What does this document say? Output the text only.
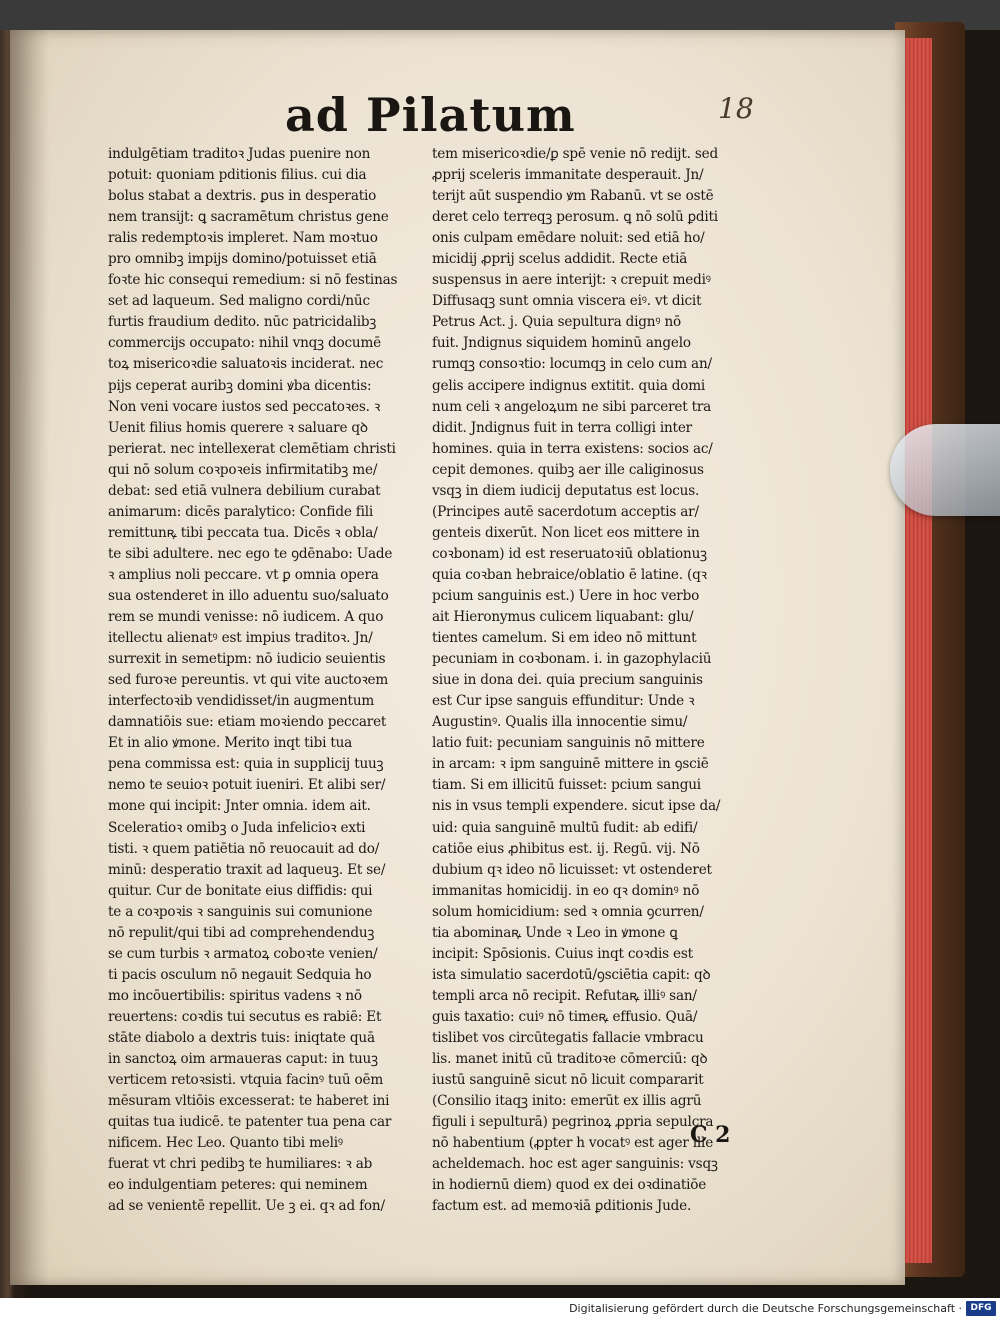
ad Pilatum	18
indulgētiam traditoꝛ Judas puenire non
potuit: quoniam pditionis filius. cui dia
bolus stabat a dextris. ꝑus in desperatio
nem transijt: ꝗ sacramētum christus gene
ralis redemptoꝛis impleret. Nam moꝛtuo
pro omnibꝫ impijs domino/potuisset etiā
foꝛte hic consequi remedium: si nō festinas
set ad laqueum. Sed maligno cordi/nūc
furtis fraudium dedito. nūc patricidalibꝫ
commercijs occupato: nihil vnqꝫ documē
toꝝ misericoꝛdie saluatoꝛis inciderat. nec
pijs ceperat auribꝫ domini ꝟba dicentis:
Non veni vocare iustos sed peccatoꝛes. ꝛ
Uenit filius homis querere ꝛ saluare qꝺ
perierat. nec intellexerat clemētiam christi
qui nō solum coꝛpoꝛeis infirmitatibꝫ me/
debat: sed etiā vulnera debilium curabat
animarum: dicēs paralytico: Confide fili
remittunꝶ tibi peccata tua. Dicēs ꝛ obla/
te sibi adultere. nec ego te ꝯdēnabo: Uade
ꝛ amplius noli peccare. vt ꝑ omnia opera
sua ostenderet in illo aduentu suo/saluato
rem se mundi venisse: nō iudicem. A quo
itellectu alienatꝰ est impius traditoꝛ. Jn/
surrexit in semetipm: nō iudicio seuientis
sed furoꝛe pereuntis. vt qui vite auctoꝛem
interfectoꝛib vendidisset/in augmentum
damnatiōis sue: etiam moꝛiendo peccaret
Et in alio ꝟmone. Merito inqt tibi tua
pena commissa est: quia in supplicij tuuꝫ
nemo te seuioꝛ potuit iueniri. Et alibi ser/
mone qui incipit: Jnter omnia. idem ait.
Sceleratioꝛ omibꝫ o Juda infelicioꝛ exti
tisti. ꝛ quem patiētia nō reuocauit ad do/
minū: desperatio traxit ad laqueuꝫ. Et se/
quitur. Cur de bonitate eius diffidis: qui
te a coꝛpoꝛis ꝛ sanguinis sui comunione
nō repulit/qui tibi ad comprehendenduꝫ
se cum turbis ꝛ armatoꝝ coboꝛte venien/
ti pacis osculum nō negauit Sedquia ho
mo incōuertibilis: spiritus vadens ꝛ nō
reuertens: coꝛdis tui secutus es rabiē: Et
stāte diabolo a dextris tuis: iniqtate quā
in sanctoꝝ oim armaueras caput: in tuuꝫ
verticem retoꝛsisti. vtquia facinꝰ tuū oēm
mēsuram vltiōis excesserat: te haberet ini
quitas tua iudicē. te patenter tua pena car
nificem. Hec Leo. Quanto tibi meliꝰ
fuerat vt chri pedibꝫ te humiliares: ꝛ ab
eo indulgentiam peteres: qui neminem
ad se venientē repellit. Ue ꝫ ei. qꝛ ad fon/
tem misericoꝛdie/ꝑ spē venie nō redijt. sed
ꝓprij sceleris immanitate desperauit. Jn/
terijt aūt suspendio ꝟm Rabanū. vt se ostē
deret celo terreqꝫ perosum. ꝗ nō solū ꝑditi
onis culpam emēdare noluit: sed etiā ho/
micidij ꝓprij scelus addidit. Recte etiā
suspensus in aere interijt: ꝛ crepuit mediꝰ
Diffusaqꝫ sunt omnia viscera eiꝰ. vt dicit
Petrus Act. j. Quia sepultura dignꝰ nō
fuit. Jndignus siquidem hominū angelo
rumqꝫ consoꝛtio: locumqꝫ in celo cum an/
gelis accipere indignus extitit. quia domi
num celi ꝛ angeloꝝum ne sibi parceret tra
didit. Jndignus fuit in terra colligi inter
homines. quia in terra existens: socios ac/
cepit demones. quibꝫ aer ille caliginosus
vsqꝫ in diem iudicij deputatus est locus.
(Principes autē sacerdotum acceptis ar/
genteis dixerūt. Non licet eos mittere in
coꝛbonam) id est reseruatoꝛiū oblationuꝫ
quia coꝛban hebraice/oblatio ē latine. (qꝛ
pcium sanguinis est.) Uere in hoc verbo
ait Hieronymus culicem liquabant: glu/
tientes camelum. Si em ideo nō mittunt
pecuniam in coꝛbonam. i. in gazophylaciū
siue in dona dei. quia precium sanguinis
est Cur ipse sanguis effunditur: Unde ꝛ
Augustinꝰ. Qualis illa innocentie simu/
latio fuit: pecuniam sanguinis nō mittere
in arcam: ꝛ ipm sanguinē mittere in ꝯsciē
tiam. Si em illicitū fuisset: pcium sangui
nis in vsus templi expendere. sicut ipse da/
uid: quia sanguinē multū fudit: ab edifi/
catiōe eius ꝓhibitus est. ij. Regū. vij. Nō
dubium qꝛ ideo nō licuisset: vt ostenderet
immanitas homicidij. in eo qꝛ dominꝰ nō
solum homicidium: sed ꝛ omnia ꝯcurren/
tia abominaꝶ Unde ꝛ Leo in ꝟmone ꝗ
incipit: Spōsionis. Cuius inqt coꝛdis est
ista simulatio sacerdotū/ꝯsciētia capit: qꝺ
templi arca nō recipit. Refutaꝶ illiꝰ san/
guis taxatio: cuiꝰ nō timeꝶ effusio. Quā/
tislibet vos circūtegatis fallacie vmbracu
lis. manet initū cū traditoꝛe cōmerciū: qꝺ
iustū sanguinē sicut nō licuit compararit
(Consilio itaqꝫ inito: emerūt ex illis agrū
figuli i sepulturā) pegrinoꝝ ꝓpria sepulcra
nō habentium (ꝓpter h vocatꝰ est ager ille
acheldemach. hoc est ager sanguinis: vsqꝫ
in hodiernū diem) quod ex dei oꝛdinatiōe
factum est. ad memoꝛiā ꝑditionis Jude.
C 2
Digitalisierung gefördert durch die Deutsche Forschungsgemeinschaft · DFG
